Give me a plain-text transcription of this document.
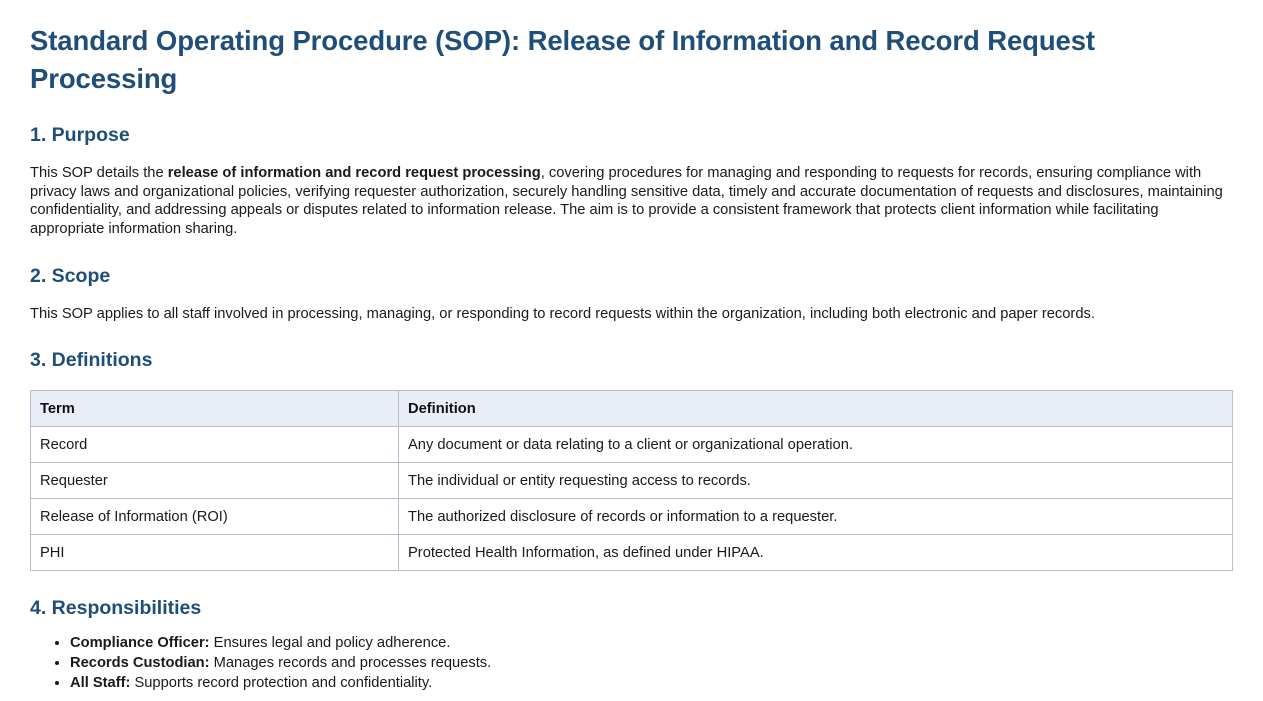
Standard Operating Procedure (SOP): Release of Information and Record Request Processing
1. Purpose

This SOP details the release of information and record request processing, covering procedures for managing and responding to requests for records, ensuring compliance with privacy laws and organizational policies, verifying requester authorization, securely handling sensitive data, timely and accurate documentation of requests and disclosures, maintaining confidentiality, and addressing appeals or disputes related to information release. The aim is to provide a consistent framework that protects client information while facilitating appropriate information sharing.

2. Scope

This SOP applies to all staff involved in processing, managing, or responding to record requests within the organization, including both electronic and paper records.

3. Definitions
Term	Definition
Record	Any document or data relating to a client or organizational operation.
Requester	The individual or entity requesting access to records.
Release of Information (ROI)	The authorized disclosure of records or information to a requester.
PHI	Protected Health Information, as defined under HIPAA.
4. Responsibilities
• Compliance Officer: Ensures legal and policy adherence.
• Records Custodian: Manages records and processes requests.
• All Staff: Supports record protection and confidentiality.
